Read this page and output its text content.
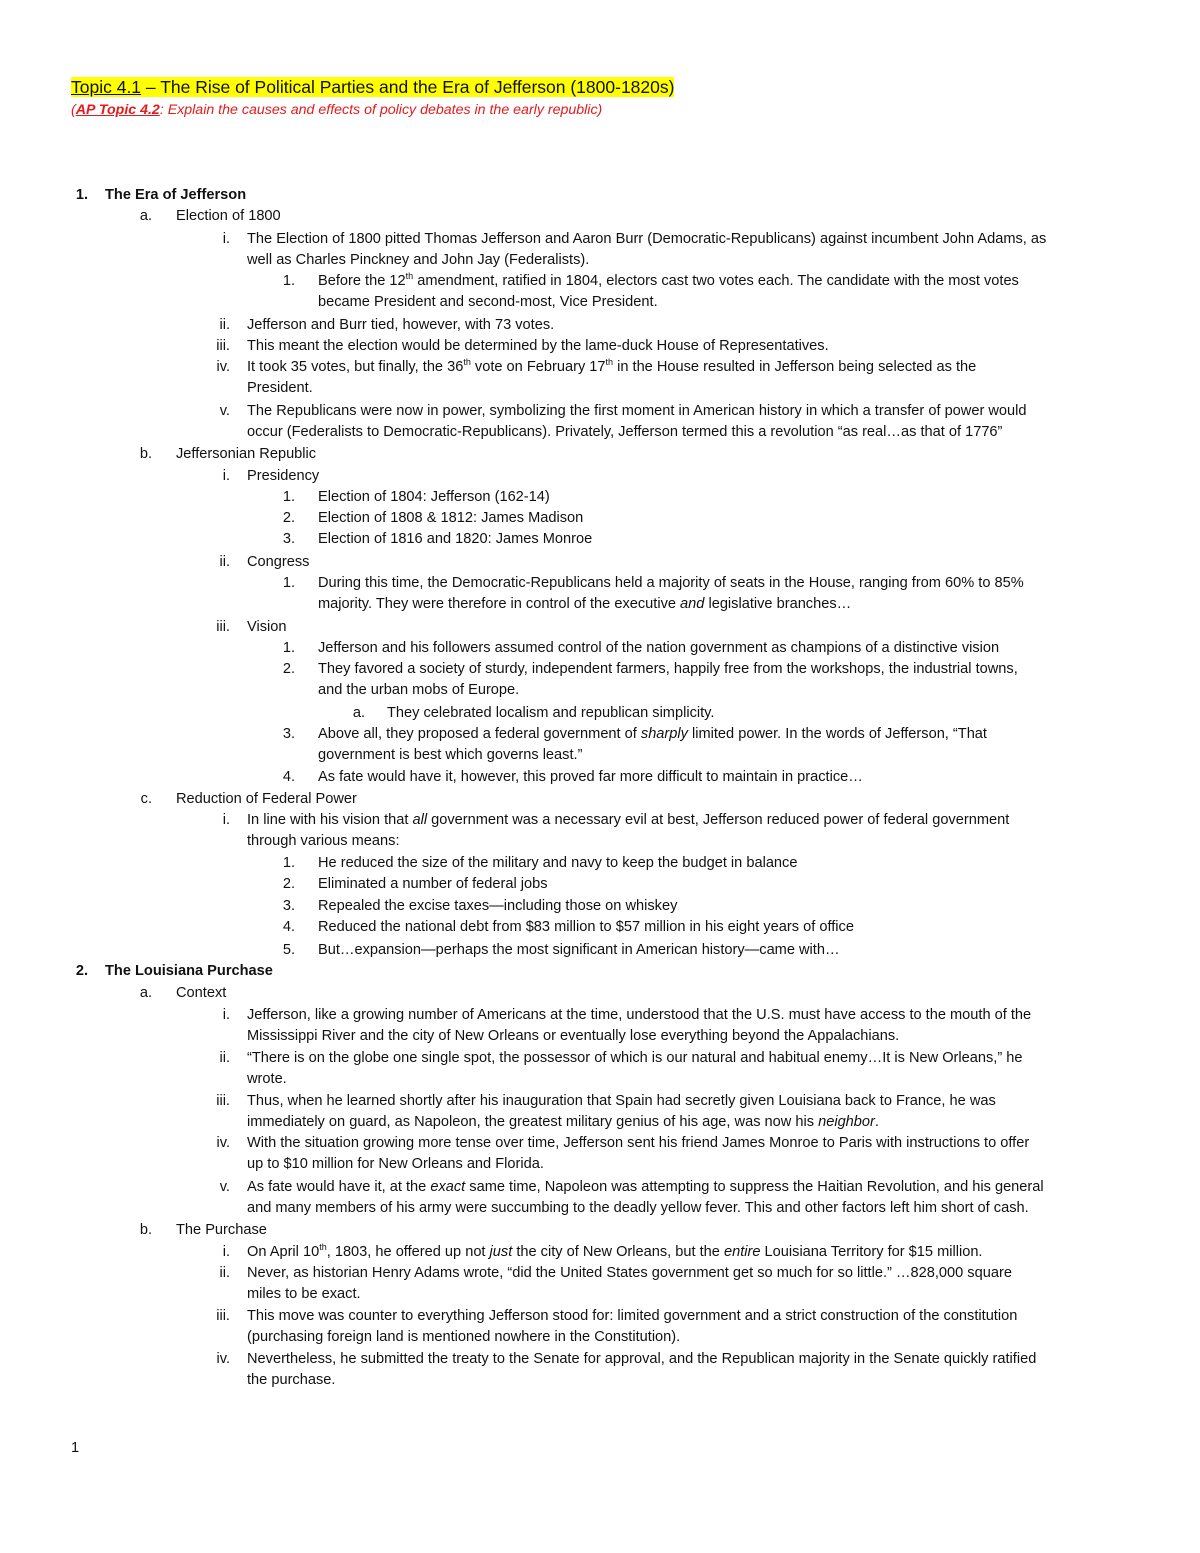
Topic 4.1 – The Rise of Political Parties and the Era of Jefferson (1800-1820s)
(AP Topic 4.2: Explain the causes and effects of policy debates in the early republic)
1. The Era of Jefferson
a. Election of 1800
i. The Election of 1800 pitted Thomas Jefferson and Aaron Burr (Democratic-Republicans) against incumbent John Adams, as
well as Charles Pinckney and John Jay (Federalists).
1. Before the 12th amendment, ratified in 1804, electors cast two votes each. The candidate with the most votes
became President and second-most, Vice President.
ii. Jefferson and Burr tied, however, with 73 votes.
iii. This meant the election would be determined by the lame-duck House of Representatives.
iv. It took 35 votes, but finally, the 36th vote on February 17th in the House resulted in Jefferson being selected as the
President.
v. The Republicans were now in power, symbolizing the first moment in American history in which a transfer of power would
occur (Federalists to Democratic-Republicans). Privately, Jefferson termed this a revolution “as real…as that of 1776”
b. Jeffersonian Republic
i. Presidency
1. Election of 1804: Jefferson (162-14)
2. Election of 1808 & 1812: James Madison
3. Election of 1816 and 1820: James Monroe
ii. Congress
1. During this time, the Democratic-Republicans held a majority of seats in the House, ranging from 60% to 85%
majority. They were therefore in control of the executive and legislative branches…
iii. Vision
1. Jefferson and his followers assumed control of the nation government as champions of a distinctive vision
2. They favored a society of sturdy, independent farmers, happily free from the workshops, the industrial towns,
and the urban mobs of Europe.
a. They celebrated localism and republican simplicity.
3. Above all, they proposed a federal government of sharply limited power. In the words of Jefferson, “That
government is best which governs least.”
4. As fate would have it, however, this proved far more difficult to maintain in practice…
c. Reduction of Federal Power
i. In line with his vision that all government was a necessary evil at best, Jefferson reduced power of federal government
through various means:
1. He reduced the size of the military and navy to keep the budget in balance
2. Eliminated a number of federal jobs
3. Repealed the excise taxes—including those on whiskey
4. Reduced the national debt from $83 million to $57 million in his eight years of office
5. But…expansion—perhaps the most significant in American history—came with…
2. The Louisiana Purchase
a. Context
i. Jefferson, like a growing number of Americans at the time, understood that the U.S. must have access to the mouth of the
Mississippi River and the city of New Orleans or eventually lose everything beyond the Appalachians.
ii. “There is on the globe one single spot, the possessor of which is our natural and habitual enemy…It is New Orleans,” he
wrote.
iii. Thus, when he learned shortly after his inauguration that Spain had secretly given Louisiana back to France, he was
immediately on guard, as Napoleon, the greatest military genius of his age, was now his neighbor.
iv. With the situation growing more tense over time, Jefferson sent his friend James Monroe to Paris with instructions to offer
up to $10 million for New Orleans and Florida.
v. As fate would have it, at the exact same time, Napoleon was attempting to suppress the Haitian Revolution, and his general
and many members of his army were succumbing to the deadly yellow fever. This and other factors left him short of cash.
b. The Purchase
i. On April 10th, 1803, he offered up not just the city of New Orleans, but the entire Louisiana Territory for $15 million.
ii. Never, as historian Henry Adams wrote, “did the United States government get so much for so little.” …828,000 square
miles to be exact.
iii. This move was counter to everything Jefferson stood for: limited government and a strict construction of the constitution
(purchasing foreign land is mentioned nowhere in the Constitution).
iv. Nevertheless, he submitted the treaty to the Senate for approval, and the Republican majority in the Senate quickly ratified
the purchase.
1
